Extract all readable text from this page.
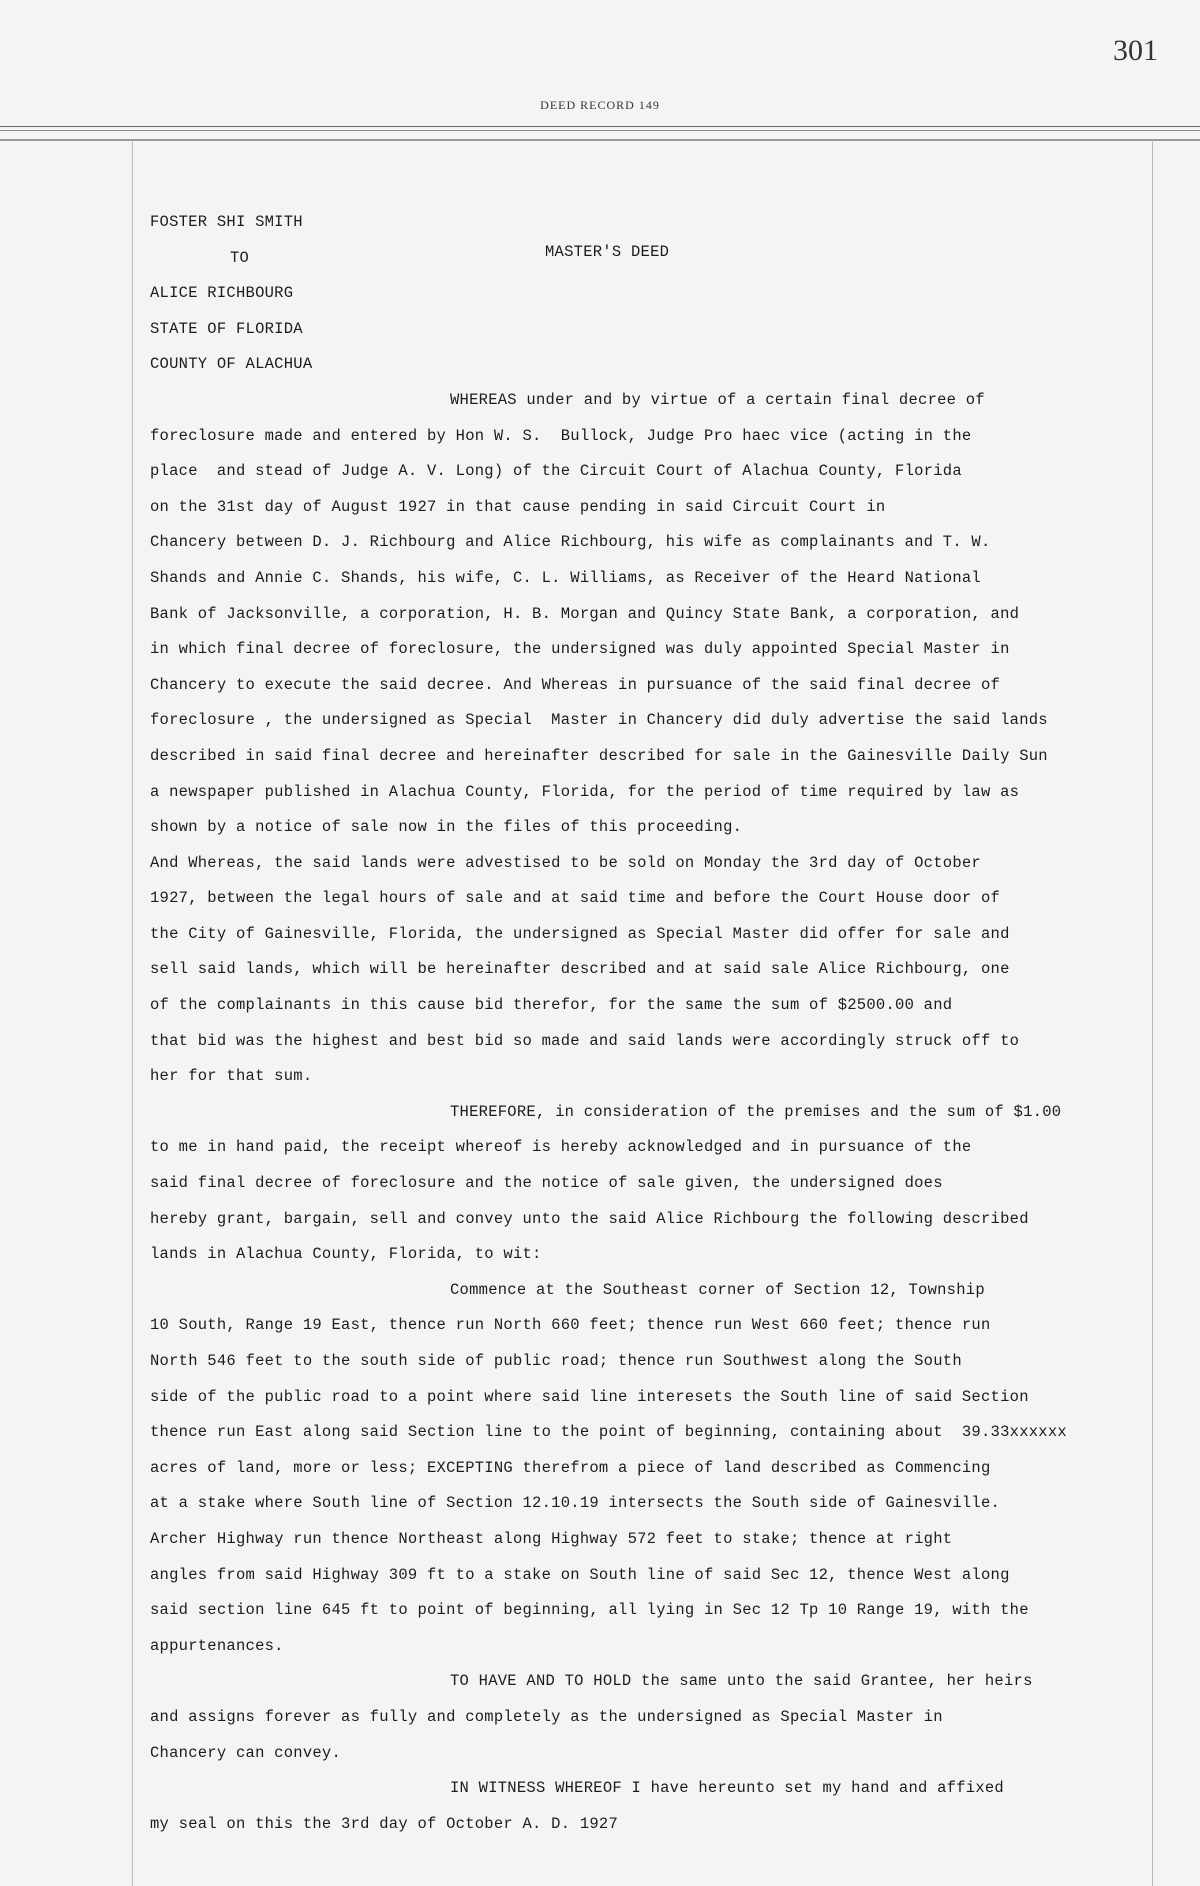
301
DEED RECORD 149
MASTER'S DEED
FOSTER SHI SMITH
TO
ALICE RICHBOURG
STATE OF FLORIDA
COUNTY OF ALACHUA
WHEREAS under and by virtue of a certain final decree of
foreclosure made and entered by Hon W. S.  Bullock, Judge Pro haec vice (acting in the
place  and stead of Judge A. V. Long) of the Circuit Court of Alachua County, Florida
on the 31st day of August 1927 in that cause pending in said Circuit Court in
Chancery between D. J. Richbourg and Alice Richbourg, his wife as complainants and T. W.
Shands and Annie C. Shands, his wife, C. L. Williams, as Receiver of the Heard National
Bank of Jacksonville, a corporation, H. B. Morgan and Quincy State Bank, a corporation, and
in which final decree of foreclosure, the undersigned was duly appointed Special Master in
Chancery to execute the said decree. And Whereas in pursuance of the said final decree of
foreclosure , the undersigned as Special  Master in Chancery did duly advertise the said lands
described in said final decree and hereinafter described for sale in the Gainesville Daily Sun
a newspaper published in Alachua County, Florida, for the period of time required by law as
shown by a notice of sale now in the files of this proceeding.
And Whereas, the said lands were advestised to be sold on Monday the 3rd day of October
1927, between the legal hours of sale and at said time and before the Court House door of
the City of Gainesville, Florida, the undersigned as Special Master did offer for sale and
sell said lands, which will be hereinafter described and at said sale Alice Richbourg, one
of the complainants in this cause bid therefor, for the same the sum of $2500.00 and
that bid was the highest and best bid so made and said lands were accordingly struck off to
her for that sum.
THEREFORE, in consideration of the premises and the sum of $1.00
to me in hand paid, the receipt whereof is hereby acknowledged and in pursuance of the
said final decree of foreclosure and the notice of sale given, the undersigned does
hereby grant, bargain, sell and convey unto the said Alice Richbourg the following described
lands in Alachua County, Florida, to wit:
Commence at the Southeast corner of Section 12, Township
10 South, Range 19 East, thence run North 660 feet; thence run West 660 feet; thence run
North 546 feet to the south side of public road; thence run Southwest along the South
side of the public road to a point where said line interesets the South line of said Section
thence run East along said Section line to the point of beginning, containing about  39.33xxxxxx
acres of land, more or less; EXCEPTING therefrom a piece of land described as Commencing
at a stake where South line of Section 12.10.19 intersects the South side of Gainesville.
Archer Highway run thence Northeast along Highway 572 feet to stake; thence at right
angles from said Highway 309 ft to a stake on South line of said Sec 12, thence West along
said section line 645 ft to point of beginning, all lying in Sec 12 Tp 10 Range 19, with the
appurtenances.
TO HAVE AND TO HOLD the same unto the said Grantee, her heirs
and assigns forever as fully and completely as the undersigned as Special Master in
Chancery can convey.
IN WITNESS WHEREOF I have hereunto set my hand and affixed
my seal on this the 3rd day of October A. D. 1927
